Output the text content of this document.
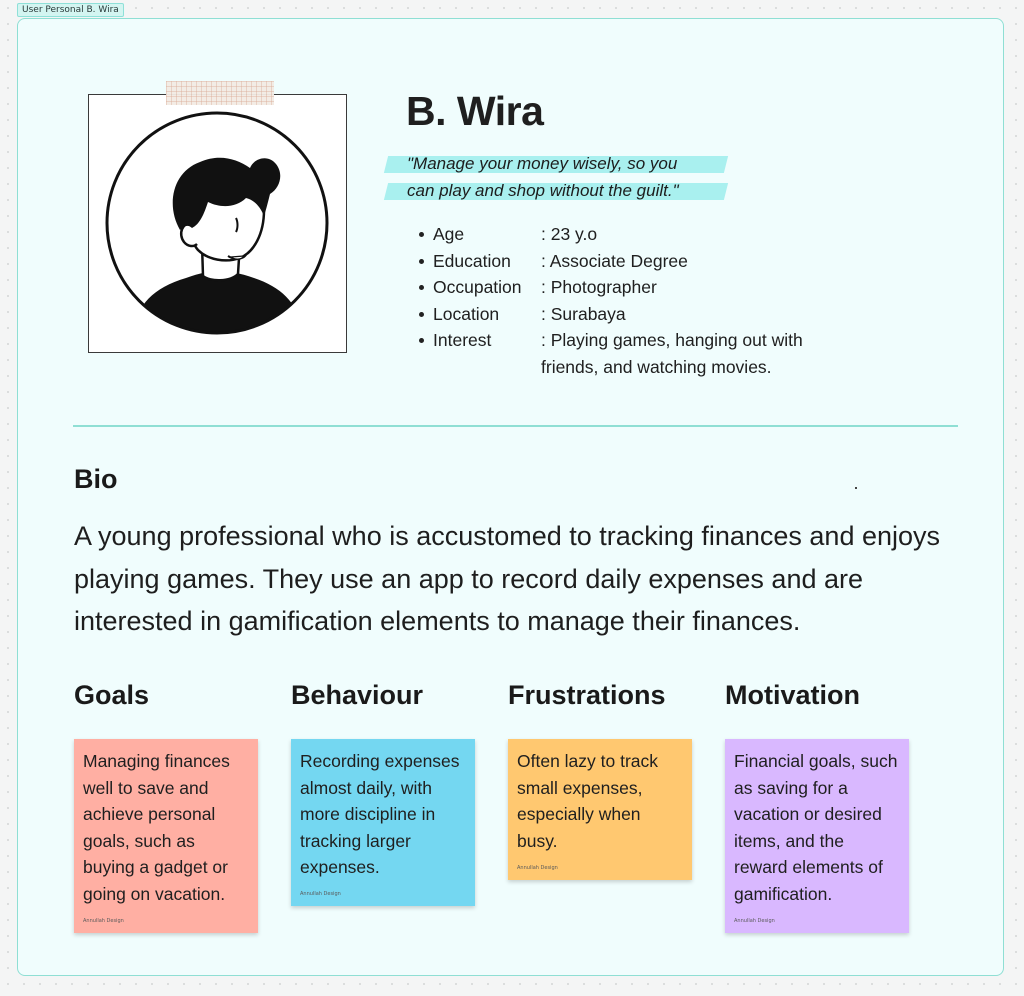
User Personal B. Wira
B. Wira
"Manage your money wisely, so you
can play and shop without the guilt."
Age	: 23 y.o
Education	: Associate Degree
Occupation	: Photographer
Location	: Surabaya
Interest	: Playing games, hanging out with friends, and watching movies.
Bio

A young professional who is accustomed to tracking finances and enjoys playing games. They use an app to record daily expenses and are interested in gamification elements to manage their finances.

Goals	Behaviour	Frustrations Motivation

Managing finances well to save and achieve personal goals, such as buying a gadget or going on vacation.

Annullah Design

Recording expenses almost daily, with more discipline in tracking larger expenses.

Annullah Design

Often lazy to track small expenses, especially when busy.

Annullah Design

Financial goals, such as saving for a vacation or desired items, and the reward elements of gamification.

Annullah Design
